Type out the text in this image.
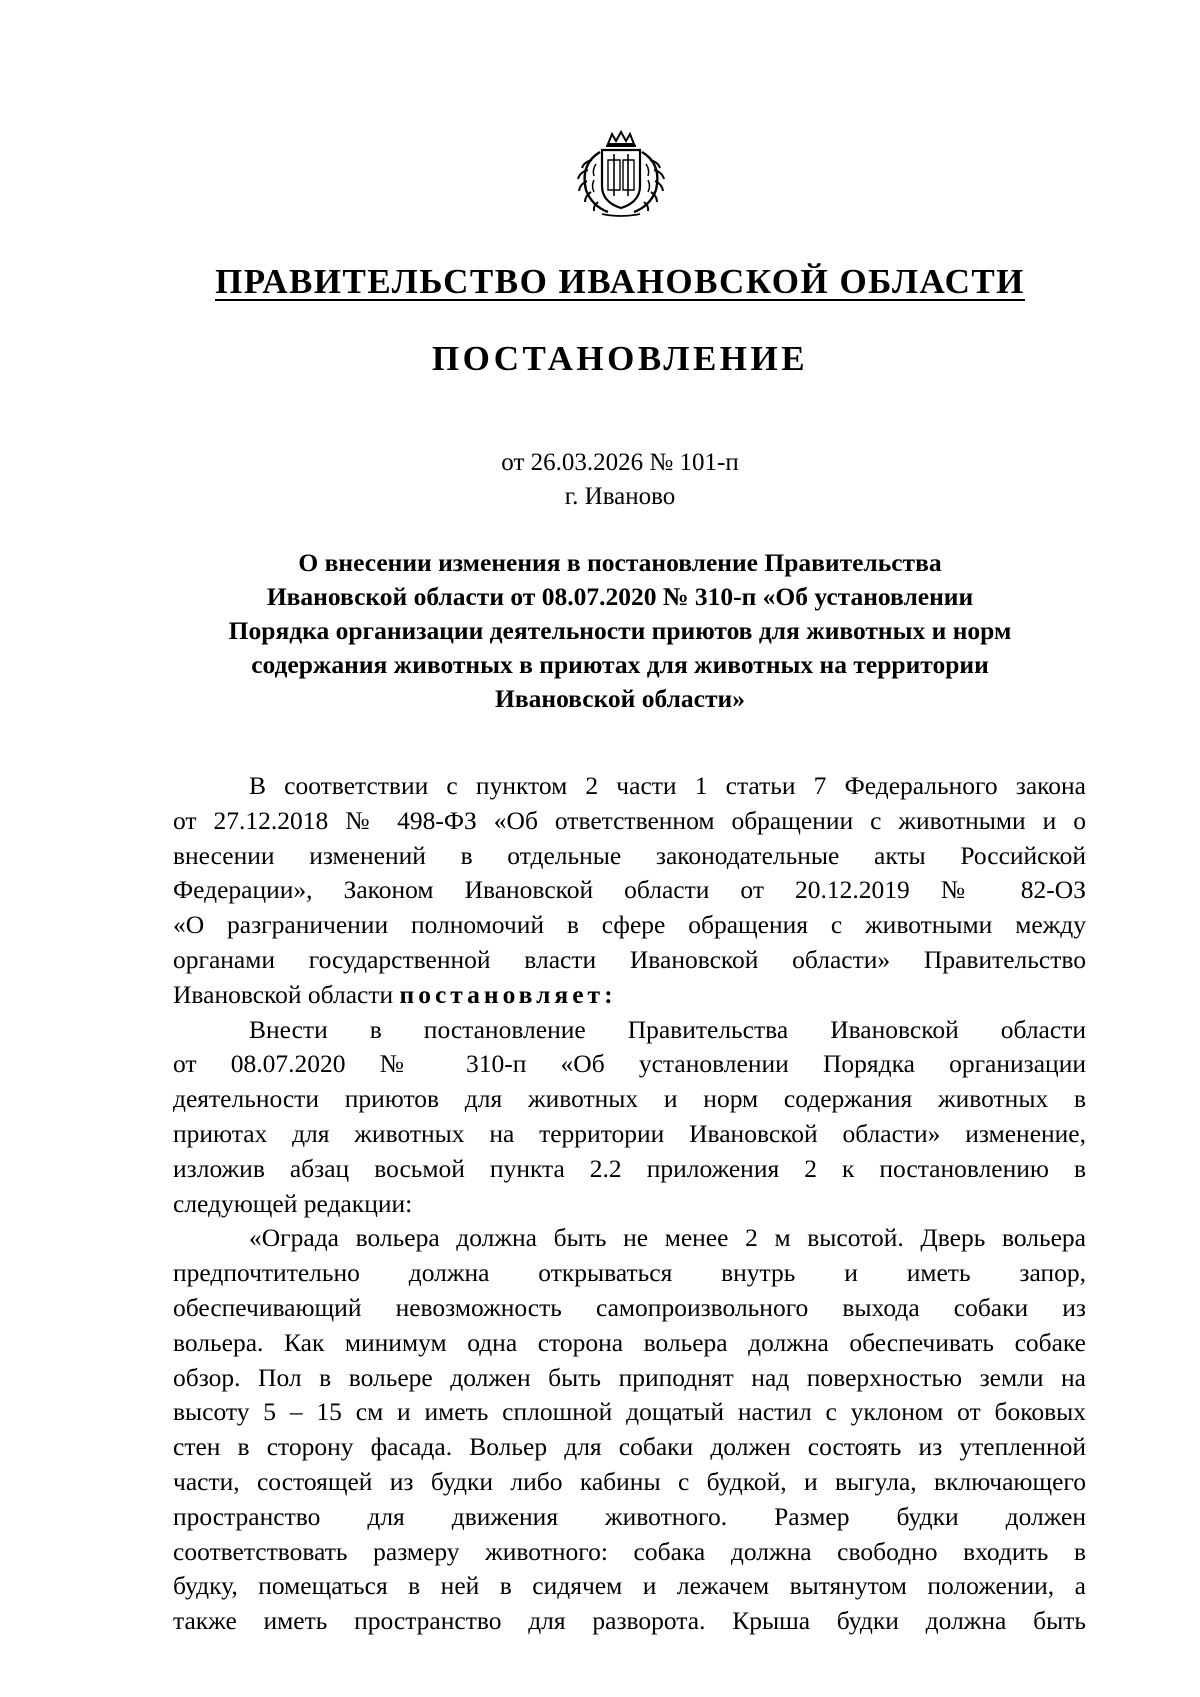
ПРАВИТЕЛЬСТВО ИВАНОВСКОЙ ОБЛАСТИ
ПОСТАНОВЛЕНИЕ
от 26.03.2026 № 101-п
г. Иваново
О внесении изменения в постановление Правительства
Ивановской области от 08.07.2020 № 310-п «Об установлении
Порядка организации деятельности приютов для животных и норм
содержания животных в приютах для животных на территории
Ивановской области»
В соответствии с пунктом 2 части 1 статьи 7 Федерального закона
от 27.12.2018 № 498-ФЗ «Об ответственном обращении с животными и о
внесении изменений в отдельные законодательные акты Российской
Федерации», Законом Ивановской области от 20.12.2019 № 82-ОЗ
«О разграничении полномочий в сфере обращения с животными между
органами государственной власти Ивановской области» Правительство
Ивановской области постановляет:
Внести в постановление Правительства Ивановской области
от 08.07.2020 № 310-п «Об установлении Порядка организации
деятельности приютов для животных и норм содержания животных в
приютах для животных на территории Ивановской области» изменение,
изложив абзац восьмой пункта 2.2 приложения 2 к постановлению в
следующей редакции:
«Ограда вольера должна быть не менее 2 м высотой. Дверь вольера
предпочтительно должна открываться внутрь и иметь запор,
обеспечивающий невозможность самопроизвольного выхода собаки из
вольера. Как минимум одна сторона вольера должна обеспечивать собаке
обзор. Пол в вольере должен быть приподнят над поверхностью земли на
высоту 5 – 15 см и иметь сплошной дощатый настил с уклоном от боковых
стен в сторону фасада. Вольер для собаки должен состоять из утепленной
части, состоящей из будки либо кабины с будкой, и выгула, включающего
пространство для движения животного. Размер будки должен
соответствовать размеру животного: собака должна свободно входить в
будку, помещаться в ней в сидячем и лежачем вытянутом положении, а
также иметь пространство для разворота. Крыша будки должна быть
